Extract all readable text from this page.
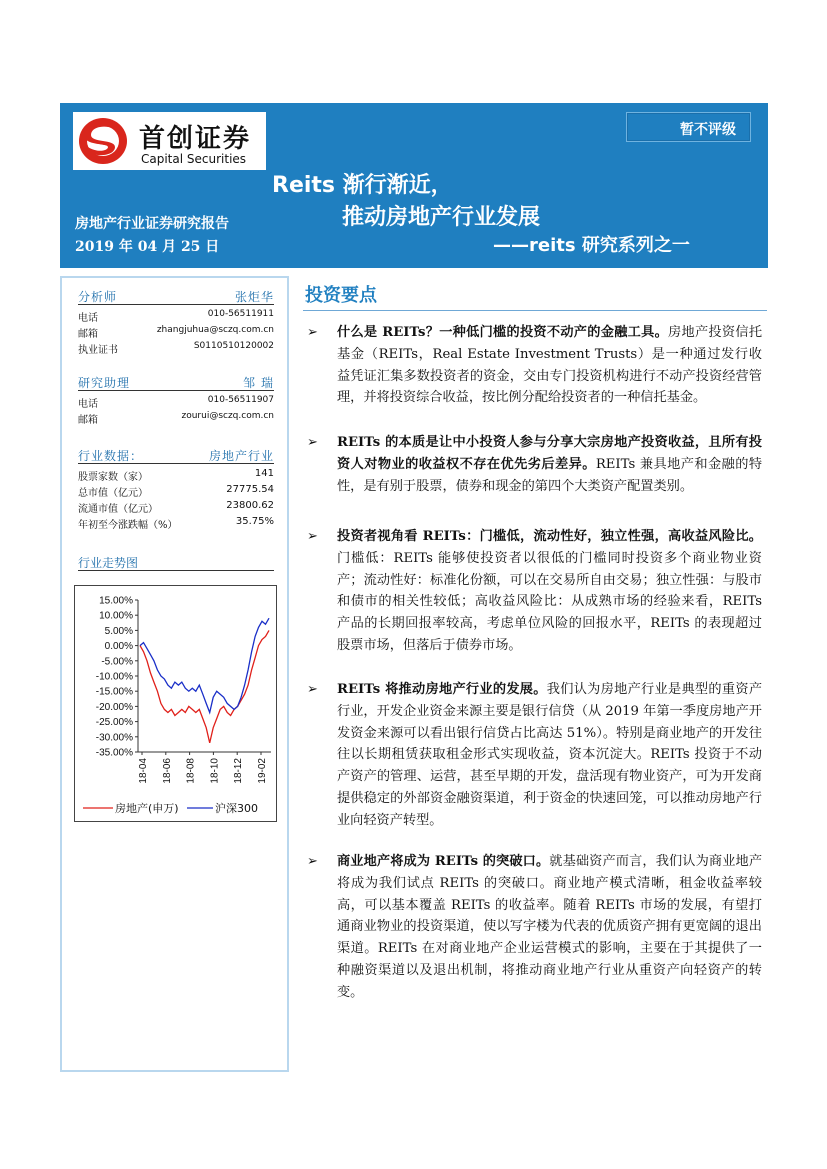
首创证券
Capital Securities
暂不评级
Reits 渐行渐近，
推动房地产行业发展
——reits 研究系列之一
房地产行业证券研究报告
2019 年 04 月 25 日
分析师	张炬华
电话	010-56511911
邮箱	zhangjuhua@sczq.com.cn
执业证书	S0110510120002
研究助理	邹 瑞
电话	010-56511907
邮箱	zourui@sczq.com.cn
行业数据：	房地产行业
股票家数（家）	141
总市值（亿元）	27775.54
流通市值（亿元）	23800.62
年初至今涨跌幅（%）	35.75%
行业走势图
15.00%
10.00%
5.00%
0.00%
-5.00%
-10.00%
-15.00%
-20.00%
-25.00%
-30.00%
-35.00%
18-04 18-06 18-08 18-10 18-12 19-02
房地产(申万)	沪深300
投资要点
➢ 什么是 REITs？一种低门槛的投资不动产的金融工具。房地产投资信托基金（REITs，Real Estate Investment Trusts）是一种通过发行收益凭证汇集多数投资者的资金，交由专门投资机构进行不动产投资经营管理，并将投资综合收益，按比例分配给投资者的一种信托基金。

➢ REITs 的本质是让中小投资人参与分享大宗房地产投资收益，且所有投资人对物业的收益权不存在优先劣后差异。REITs 兼具地产和金融的特性，是有别于股票，债券和现金的第四个大类资产配置类别。

➢ 投资者视角看 REITs：门槛低，流动性好，独立性强，高收益风险比。门槛低：REITs 能够使投资者以很低的门槛同时投资多个商业物业资产；流动性好：标准化份额，可以在交易所自由交易；独立性强：与股市和债市的相关性较低；高收益风险比：从成熟市场的经验来看，REITs 产品的长期回报率较高，考虑单位风险的回报水平，REITs 的表现超过股票市场，但落后于债券市场。

➢ REITs 将推动房地产行业的发展。我们认为房地产行业是典型的重资产行业，开发企业资金来源主要是银行信贷（从 2019 年第一季度房地产开发资金来源可以看出银行信贷占比高达 51%）。特别是商业地产的开发往往以长期租赁获取租金形式实现收益，资本沉淀大。REITs 投资于不动产资产的管理、运营，甚至早期的开发，盘活现有物业资产，可为开发商提供稳定的外部资金融资渠道，利于资金的快速回笼，可以推动房地产行业向轻资产转型。

➢ 商业地产将成为 REITs 的突破口。就基础资产而言，我们认为商业地产将成为我们试点 REITs 的突破口。商业地产模式清晰，租金收益率较高，可以基本覆盖 REITs 的收益率。随着 REITs 市场的发展，有望打通商业物业的投资渠道，使以写字楼为代表的优质资产拥有更宽阔的退出渠道。REITs 在对商业地产企业运营模式的影响，主要在于其提供了一种融资渠道以及退出机制，将推动商业地产行业从重资产向轻资产的转变。
